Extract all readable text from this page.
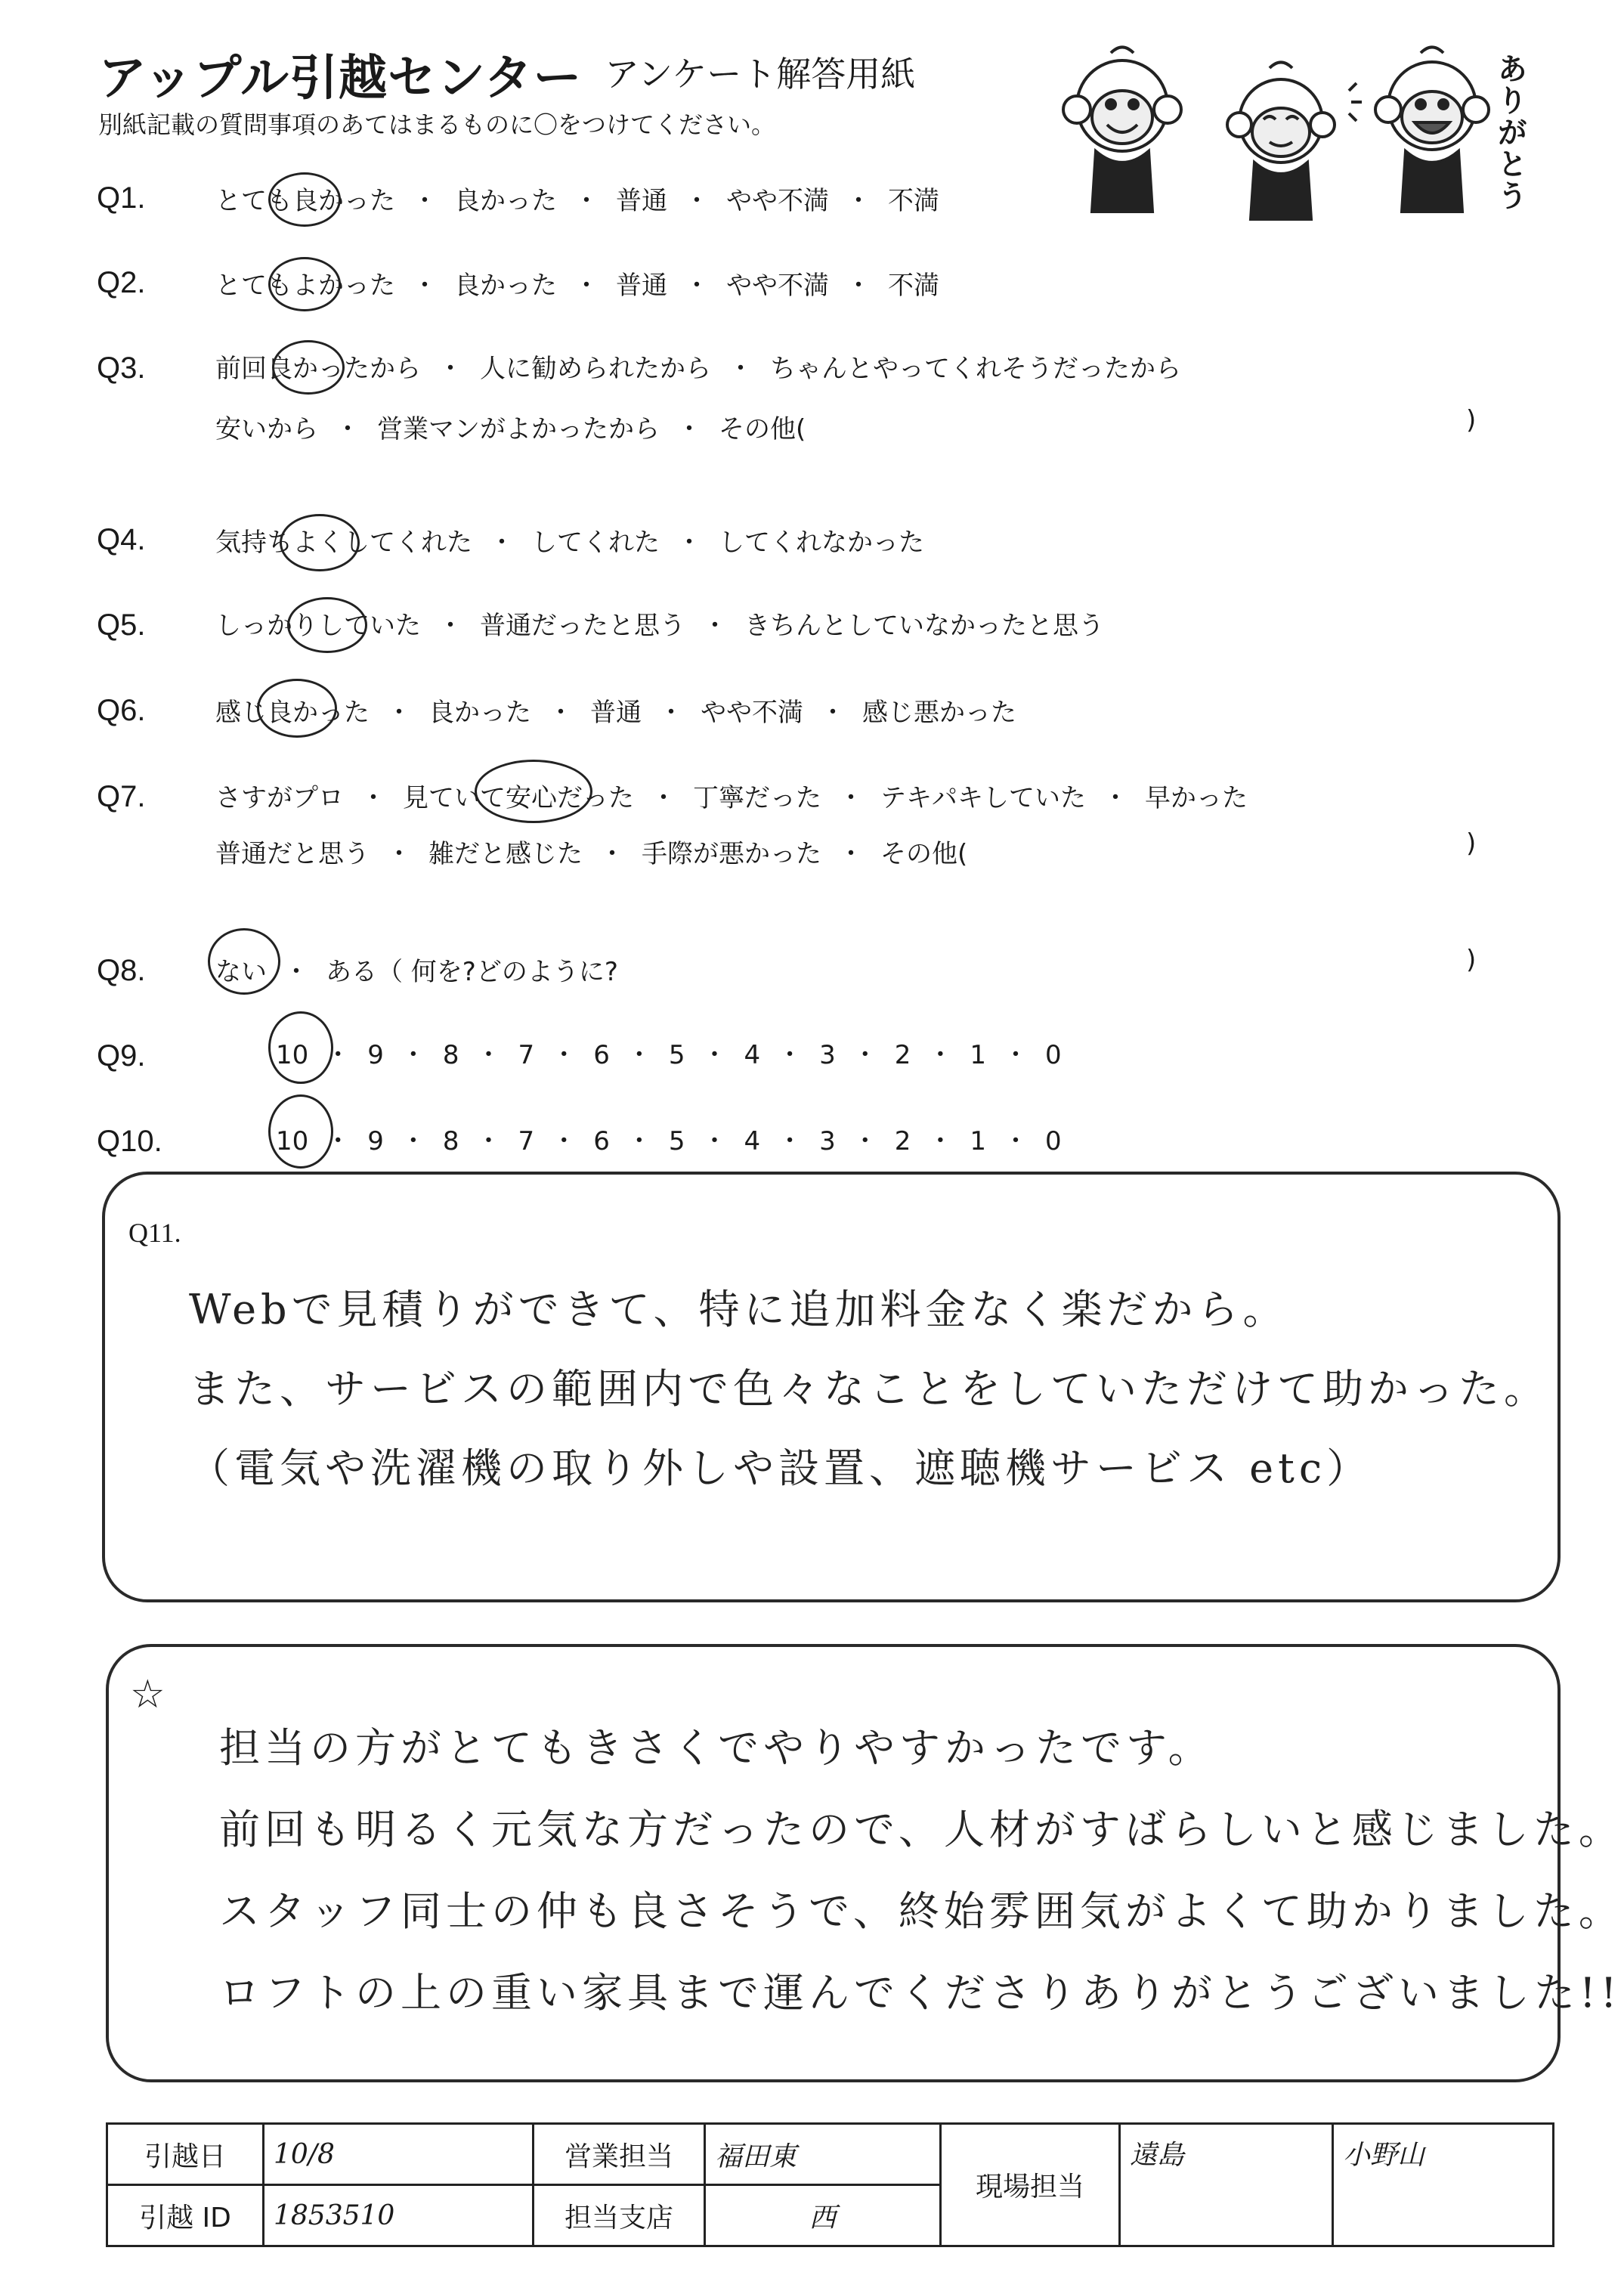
アップル引越センター アンケート解答用紙
別紙記載の質問事項のあてはまるものに〇をつけてください。	ありがとう
Q1.	とても良かった ・ 良かった ・ 普通 ・ やや不満 ・ 不満
Q2.	とてもよかった ・ 良かった ・ 普通 ・ やや不満 ・ 不満
Q3.	前回良かったから ・ 人に勧められたから ・ ちゃんとやってくれそうだったから
安いから ・ 営業マンがよかったから ・ その他(	)
Q4.	気持ちよくしてくれた ・ してくれた ・ してくれなかった
Q5.	しっかりしていた ・ 普通だったと思う ・ きちんとしていなかったと思う
Q6.	感じ良かった ・ 良かった ・ 普通 ・ やや不満 ・ 感じ悪かった
Q7.	さすがプロ ・ 見ていて安心だった ・ 丁寧だった ・ テキパキしていた ・ 早かった
普通だと思う ・ 雑だと感じた ・ 手際が悪かった ・ その他(	)
Q8.	ない ・ ある（ 何を?どのように?	)
Q9.	10 ・ 9 ・ 8 ・ 7 ・ 6 ・ 5 ・ 4 ・ 3 ・ 2 ・ 1 ・ 0
Q10.	10 ・ 9 ・ 8 ・ 7 ・ 6 ・ 5 ・ 4 ・ 3 ・ 2 ・ 1 ・ 0
Q11.
Webで見積りができて、特に追加料金なく楽だから。
また、サービスの範囲内で色々なことをしていただけて助かった。
（電気や洗濯機の取り外しや設置、遮聴機サービス etc）
☆
担当の方がとてもきさくでやりやすかったです。
前回も明るく元気な方だったので、人材がすばらしいと感じました。
スタッフ同士の仲も良さそうで、終始雰囲気がよくて助かりました。
ロフトの上の重い家具まで運んでくださりありがとうございました!!
引越日	10/8	営業担当	福田東	現場担当	遠島	小野山
引越 ID	1853510	担当支店	西			
